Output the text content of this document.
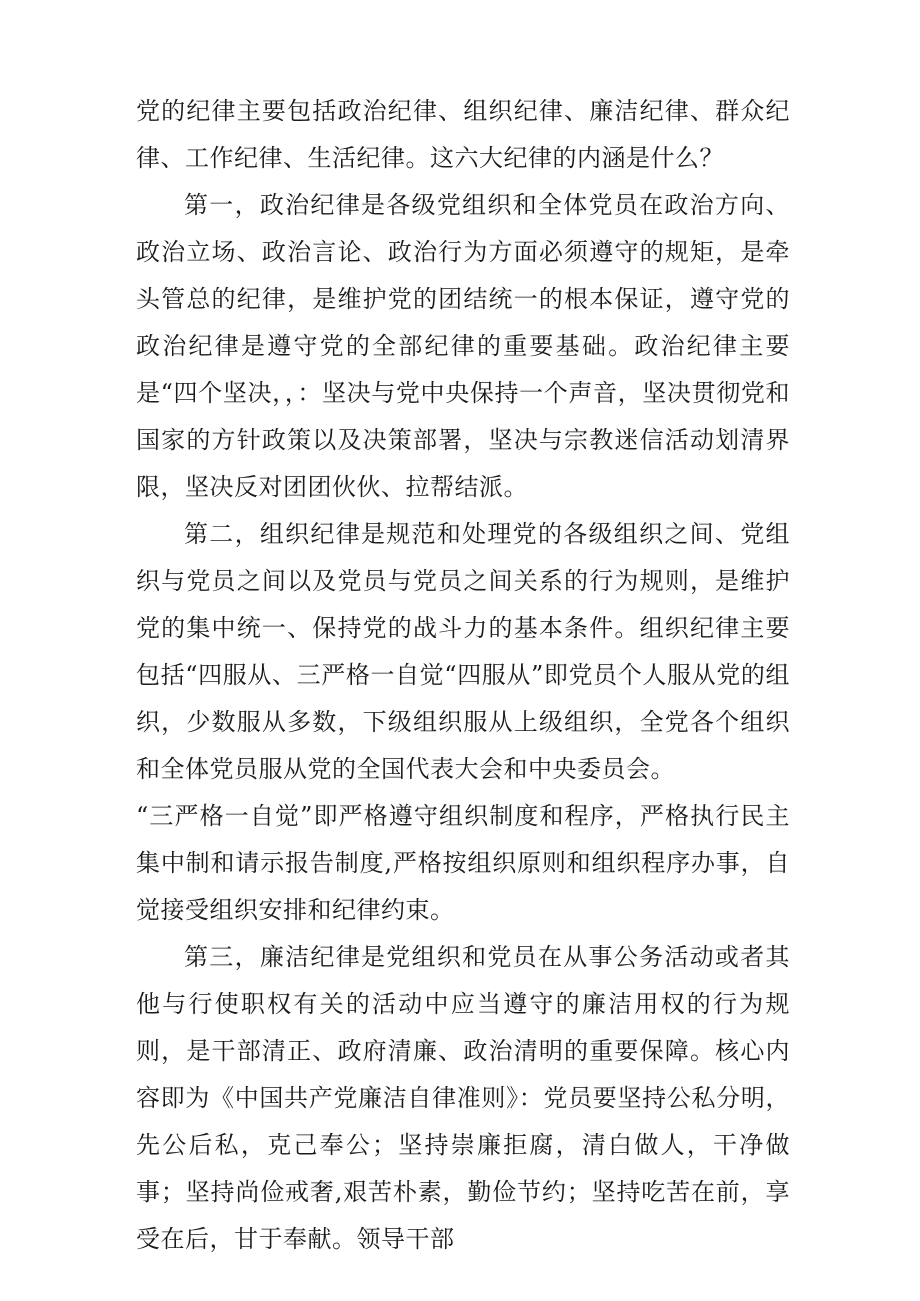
党的纪律主要包括政治纪律、组织纪律、廉洁纪律、群众纪律、工作纪律、生活纪律。这六大纪律的内涵是什么？

第一，政治纪律是各级党组织和全体党员在政治方向、政治立场、政治言论、政治行为方面必须遵守的规矩，是牵头管总的纪律，是维护党的团结统一的根本保证，遵守党的政治纪律是遵守党的全部纪律的重要基础。政治纪律主要是“四个坚决，，：坚决与党中央保持一个声音，坚决贯彻党和国家的方针政策以及决策部署，坚决与宗教迷信活动划清界限，坚决反对团团伙伙、拉帮结派。

第二，组织纪律是规范和处理党的各级组织之间、党组织与党员之间以及党员与党员之间关系的行为规则，是维护党的集中统一、保持党的战斗力的基本条件。组织纪律主要包括“四服从、三严格一自觉“四服从”即党员个人服从党的组织，少数服从多数，下级组织服从上级组织，全党各个组织和全体党员服从党的全国代表大会和中央委员会。

“三严格一自觉”即严格遵守组织制度和程序，严格执行民主集中制和请示报告制度,严格按组织原则和组织程序办事，自觉接受组织安排和纪律约束。

第三，廉洁纪律是党组织和党员在从事公务活动或者其他与行使职权有关的活动中应当遵守的廉洁用权的行为规则，是干部清正、政府清廉、政治清明的重要保障。核心内容即为《中国共产党廉洁自律准则》：党员要坚持公私分明，先公后私，克己奉公；坚持崇廉拒腐，清白做人，干净做事；坚持尚俭戒奢,艰苦朴素，勤俭节约；坚持吃苦在前，享受在后，甘于奉献。领导干部
